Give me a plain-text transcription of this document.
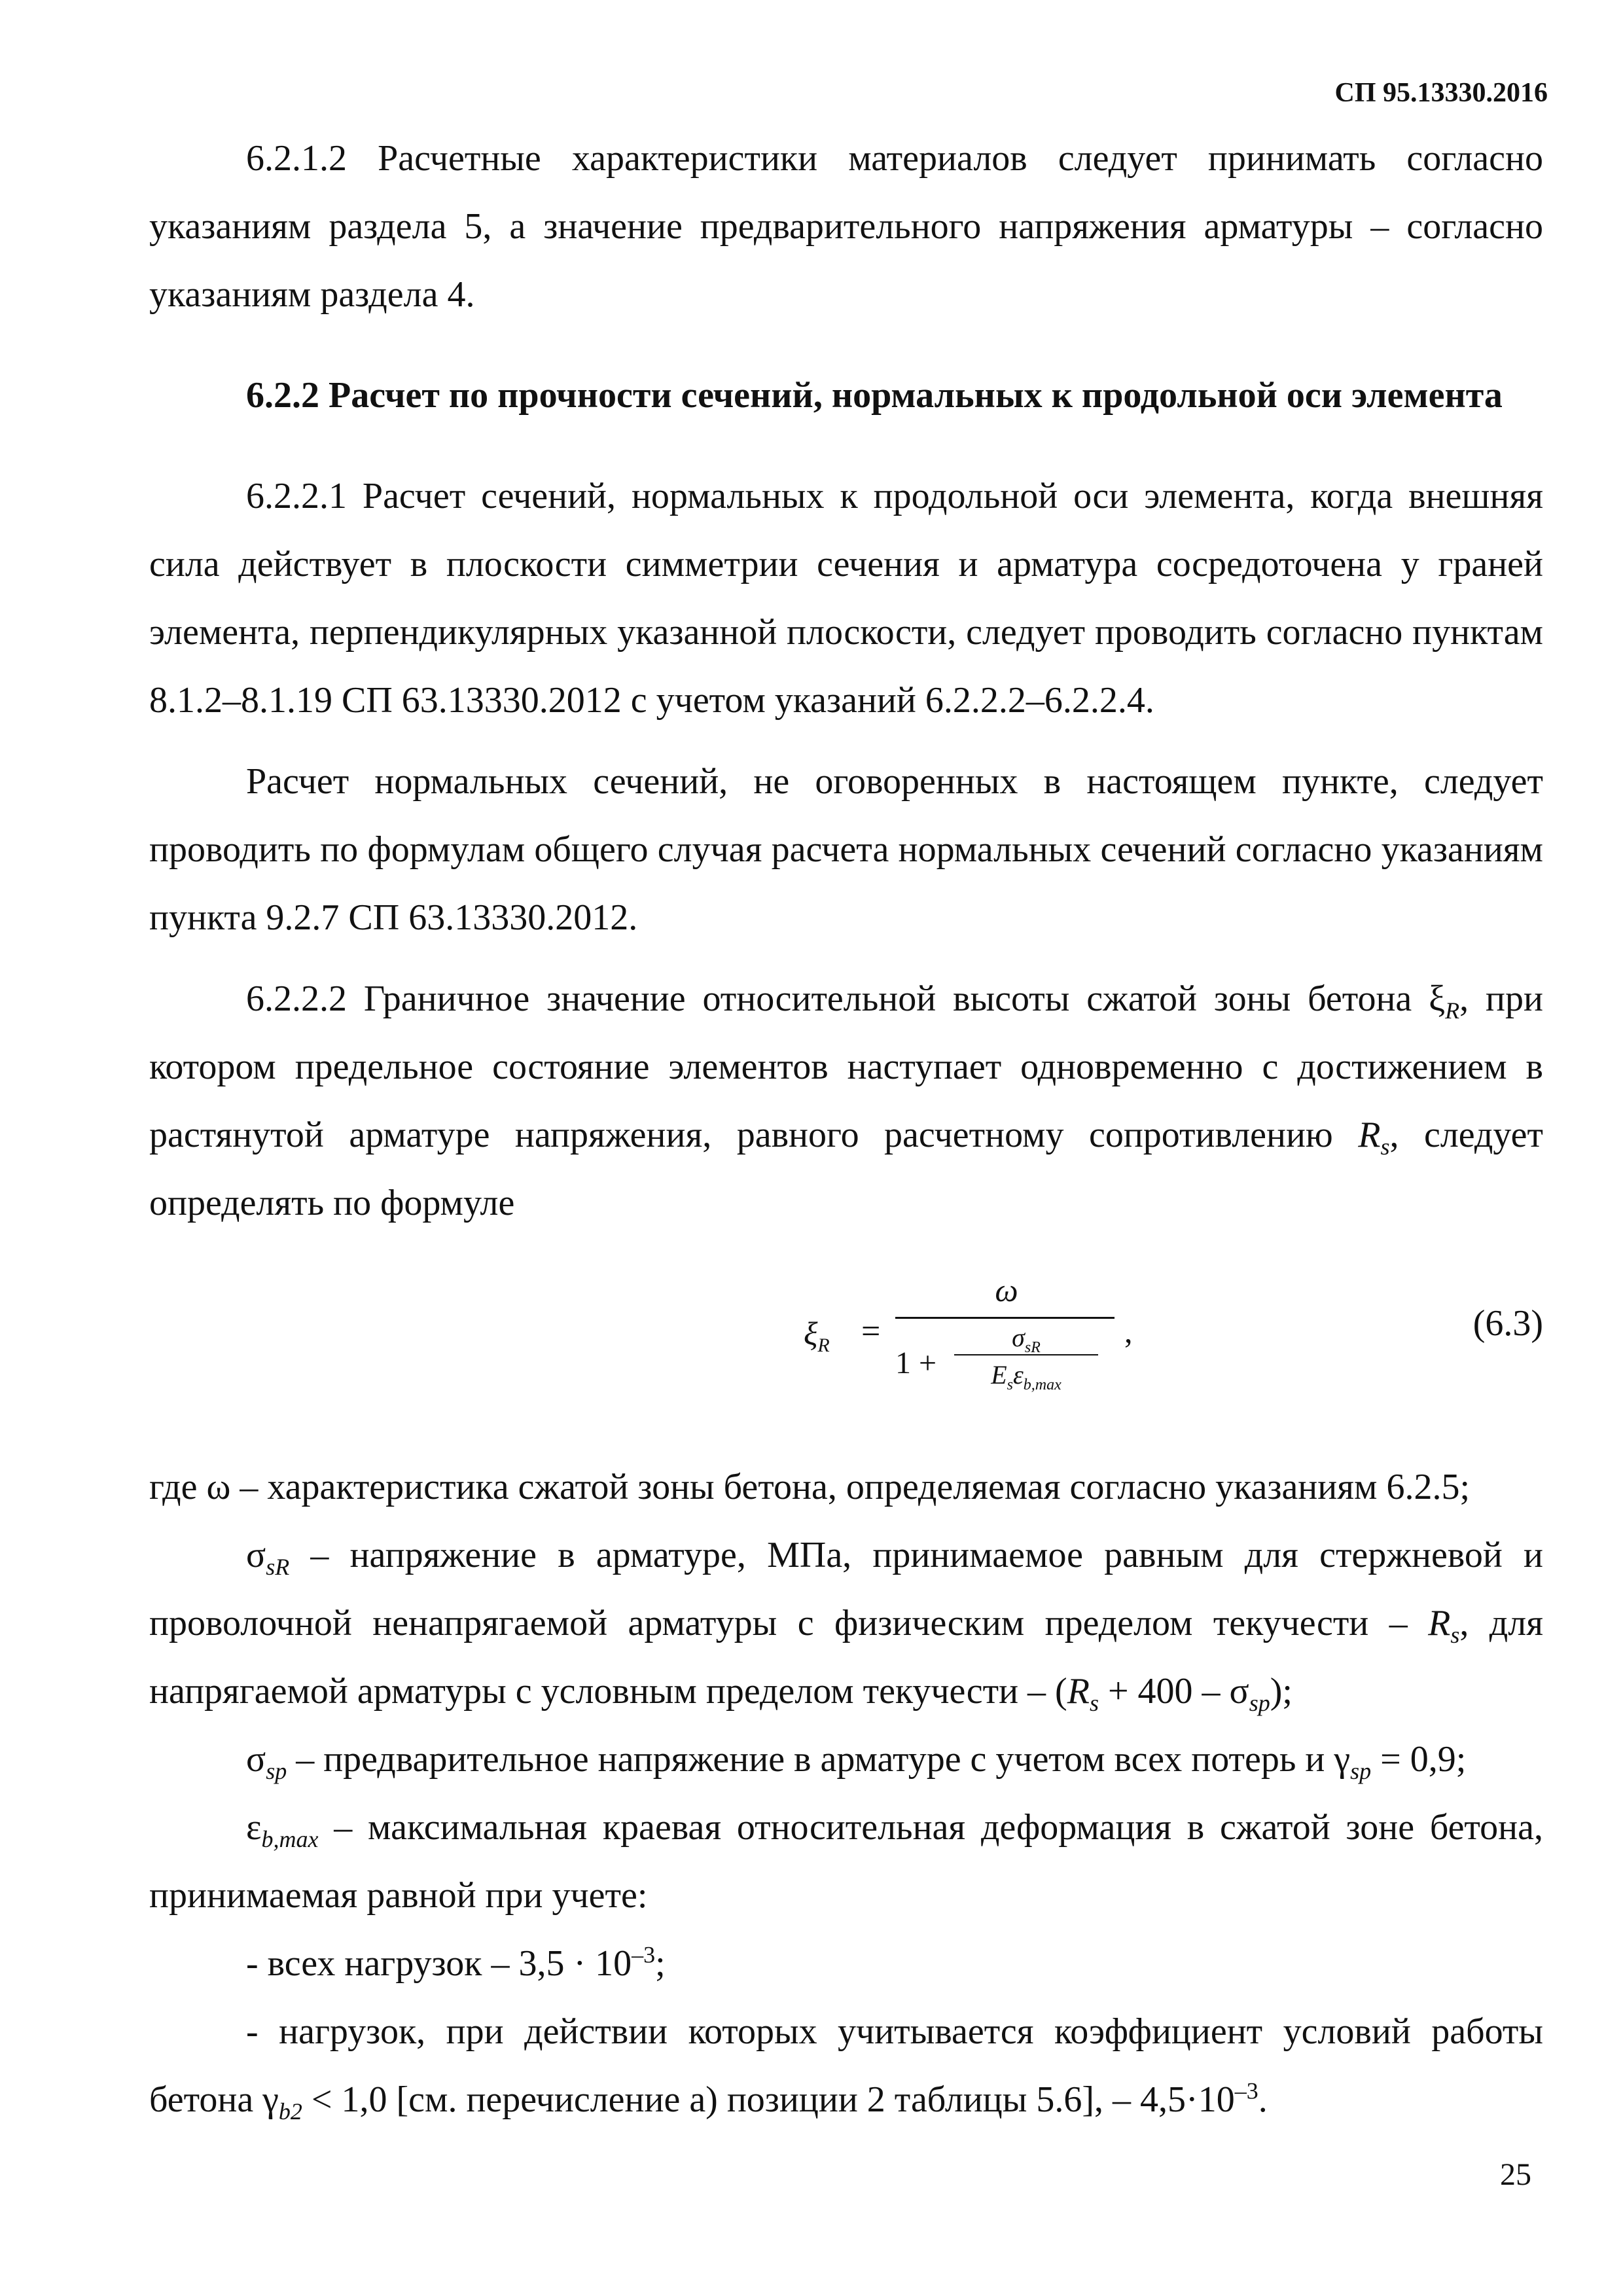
СП 95.13330.2016

6.2.1.2 Расчетные характеристики материалов следует принимать согласно указаниям раздела 5, а значение предварительного напряжения арматуры – согласно указаниям раздела 4.

6.2.2 Расчет по прочности сечений, нормальных к продольной оси элемента

6.2.2.1 Расчет сечений, нормальных к продольной оси элемента, когда внешняя сила действует в плоскости симметрии сечения и арматура сосредоточена у граней элемента, перпендикулярных указанной плоскости, следует проводить согласно пунктам 8.1.2–8.1.19 СП 63.13330.2012 с учетом указаний 6.2.2.2–6.2.2.4.

Расчет нормальных сечений, не оговоренных в настоящем пункте, следует проводить по формулам общего случая расчета нормальных сечений согласно указаниям пункта 9.2.7 СП 63.13330.2012.

6.2.2.2 Граничное значение относительной высоты сжатой зоны бетона $\xi_R$, при котором предельное состояние элементов наступает одновременно с достижением в растянутой арматуре напряжения, равного расчетному сопротивлению $R_s$, следует определять по формуле

$\xi_R$ =
ω
1 +
$\sigma_{sR}$
$E_s\varepsilon_{b,max}$
,	(6.3)

где ω – характеристика сжатой зоны бетона, определяемая согласно указаниям 6.2.5;

$\sigma_{sR}$ – напряжение в арматуре, МПа, принимаемое равным для стержневой и проволочной ненапрягаемой арматуры с физическим пределом текучести – $R_s$, для напрягаемой арматуры с условным пределом текучести – $(R_s + 400 - \sigma_{sp})$;

$\sigma_{sp}$ – предварительное напряжение в арматуре с учетом всех потерь и $\gamma_{sp} = 0,9$;

$\varepsilon_{b,max}$ – максимальная краевая относительная деформация в сжатой зоне бетона, принимаемая равной при учете:

- всех нагрузок – $3,5 \cdot 10^{-3}$;

- нагрузок, при действии которых учитывается коэффициент условий работы бетона $\gamma_{b2} < 1,0$ [см. перечисление а) позиции 2 таблицы 5.6], – $4,5\cdot 10^{-3}$.

25
